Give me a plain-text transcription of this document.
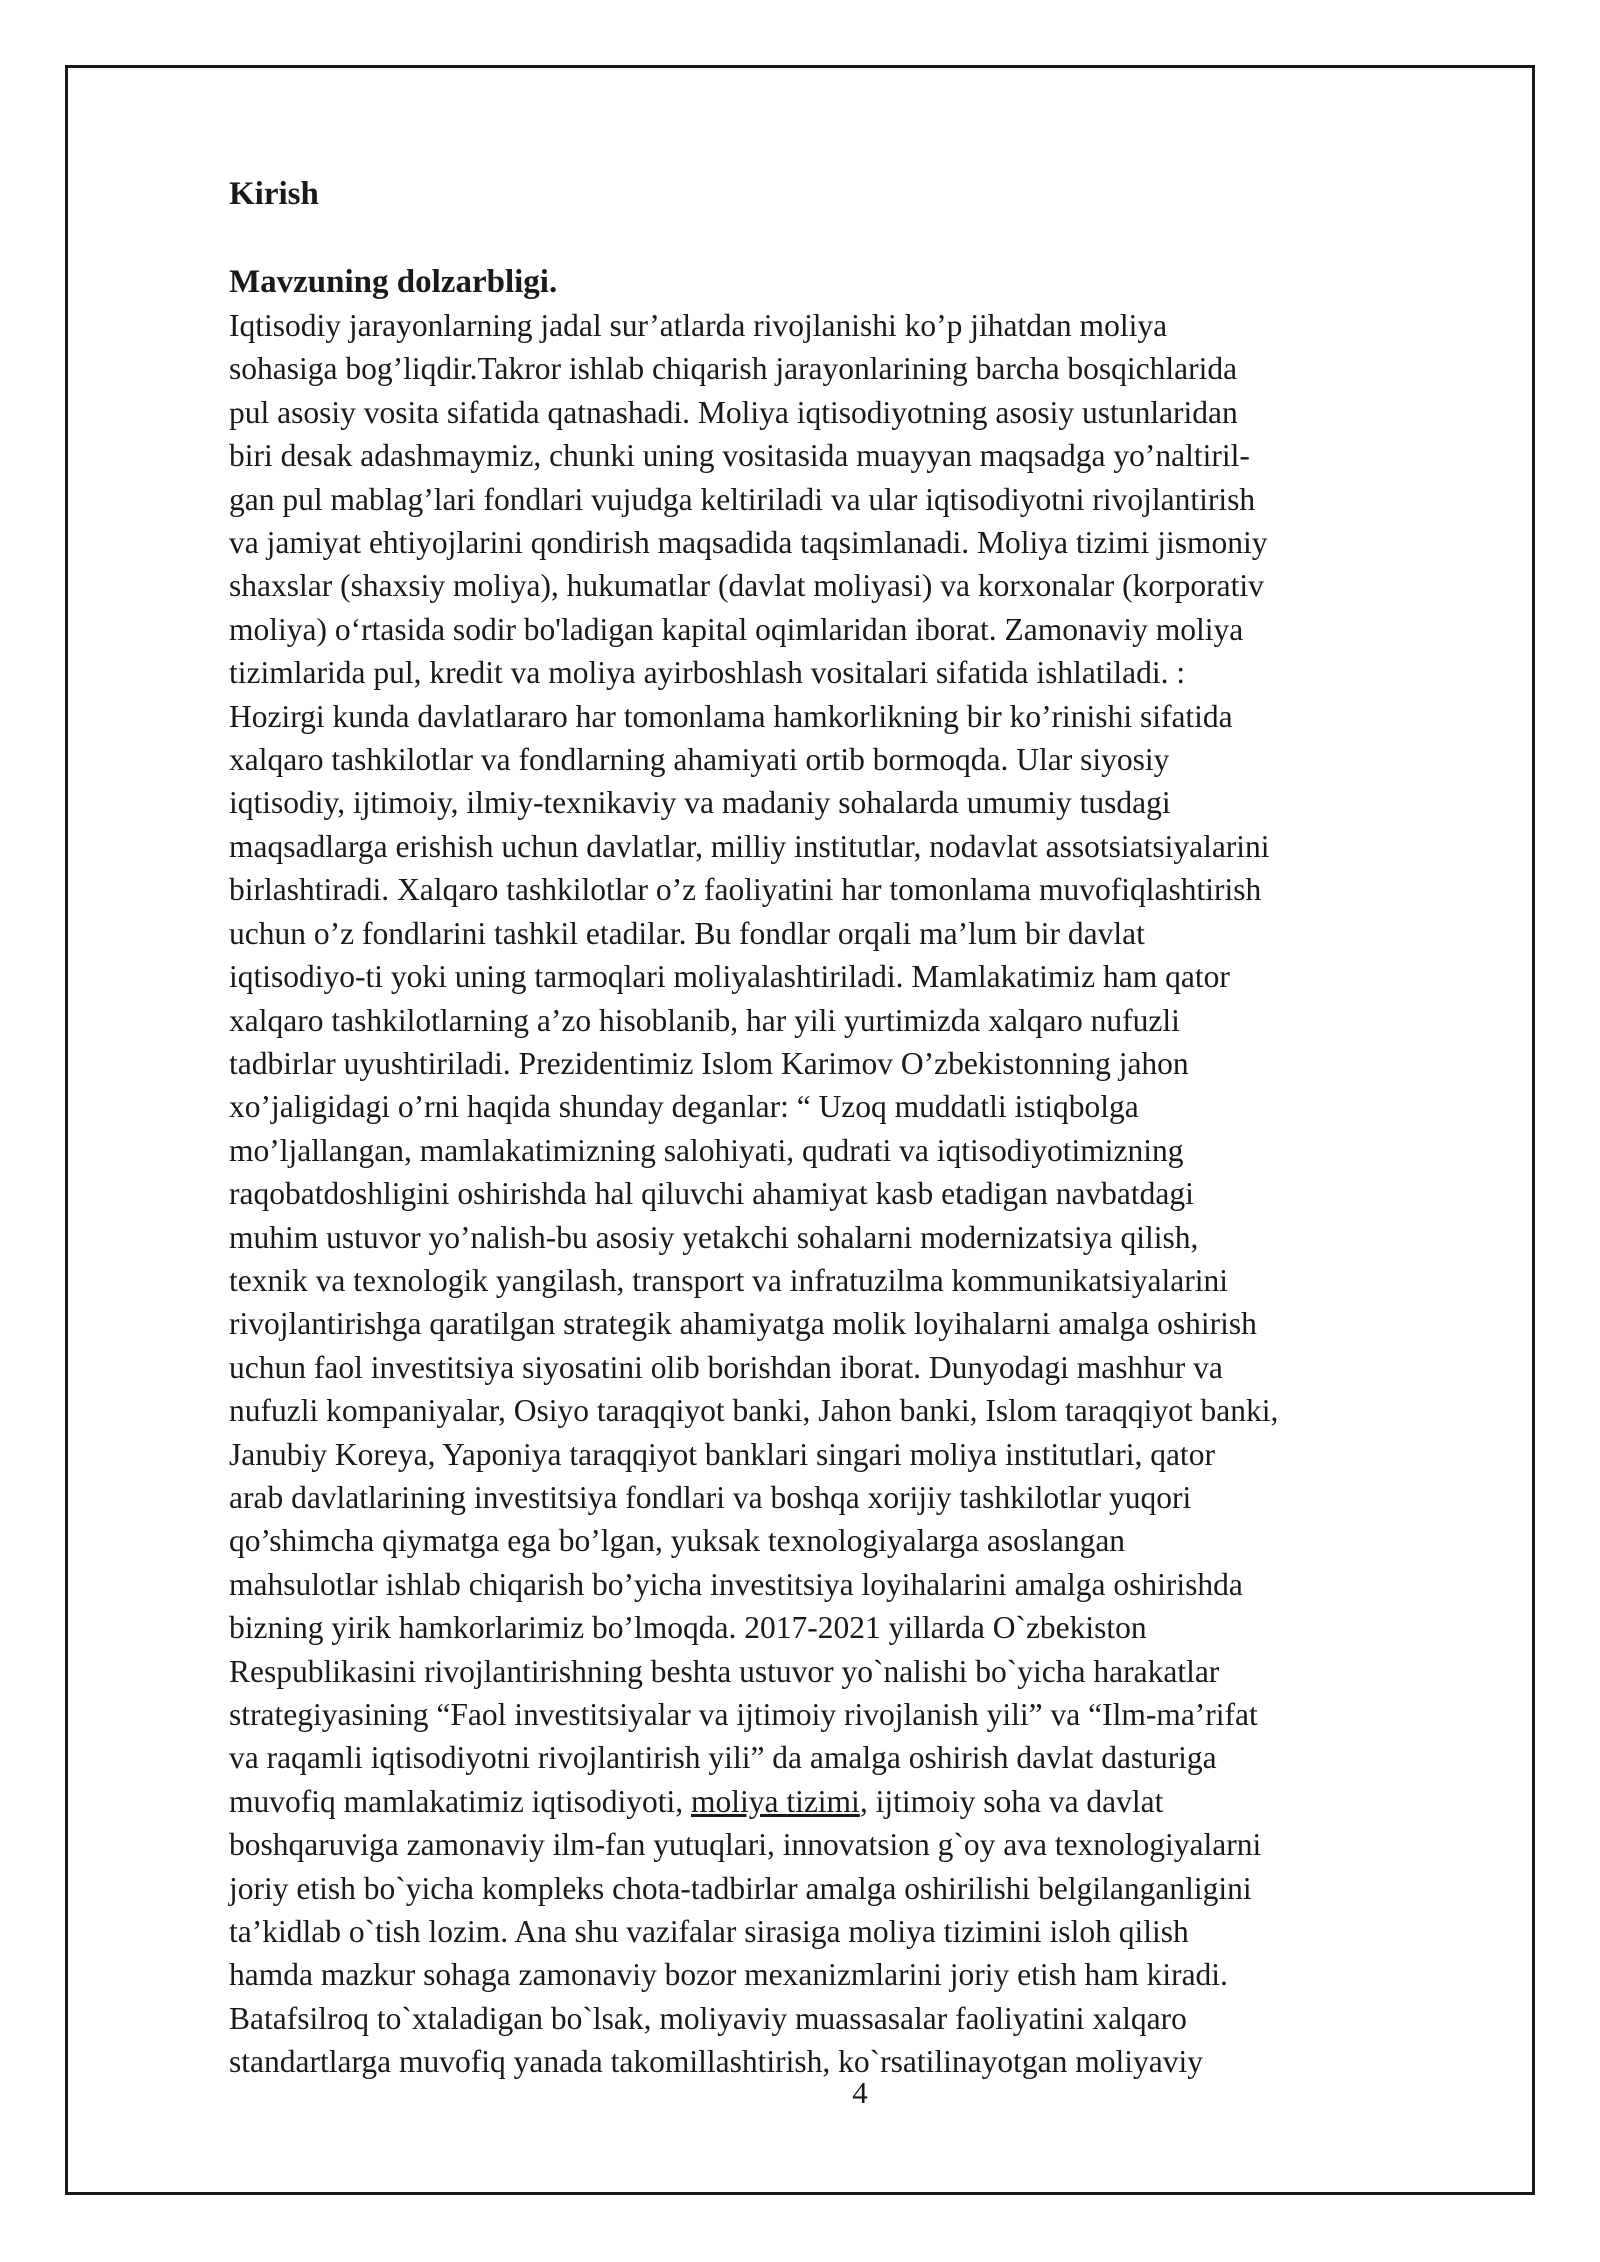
Kirish

Mavzuning dolzarbligi.

Iqtisodiy jarayonlarning jadal sur’atlarda rivojlanishi ko’p jihatdan moliya
sohasiga bog’liqdir.Takror ishlab chiqarish jarayonlarining barcha bosqichlarida
pul asosiy vosita sifatida qatnashadi. Moliya iqtisodiyotning asosiy ustunlaridan
biri desak adashmaymiz, chunki uning vositasida muayyan maqsadga yo’naltiril-
gan pul mablag’lari fondlari vujudga keltiriladi va ular iqtisodiyotni rivojlantirish
va jamiyat ehtiyojlarini qondirish maqsadida taqsimlanadi. Moliya tizimi jismoniy
shaxslar (shaxsiy moliya), hukumatlar (davlat moliyasi) va korxonalar (korporativ
moliya) o‘rtasida sodir bo'ladigan kapital oqimlaridan iborat. Zamonaviy moliya
tizimlarida pul, kredit va moliya ayirboshlash vositalari sifatida ishlatiladi. :
Hozirgi kunda davlatlararo har tomonlama hamkorlikning bir ko’rinishi sifatida
xalqaro tashkilotlar va fondlarning ahamiyati ortib bormoqda. Ular siyosiy
iqtisodiy, ijtimoiy, ilmiy-texnikaviy va madaniy sohalarda umumiy tusdagi
maqsadlarga erishish uchun davlatlar, milliy institutlar, nodavlat assotsiatsiyalarini
birlashtiradi. Xalqaro tashkilotlar o’z faoliyatini har tomonlama muvofiqlashtirish
uchun o’z fondlarini tashkil etadilar. Bu fondlar orqali ma’lum bir davlat
iqtisodiyo-ti yoki uning tarmoqlari moliyalashtiriladi. Mamlakatimiz ham qator
xalqaro tashkilotlarning a’zo hisoblanib, har yili yurtimizda xalqaro nufuzli
tadbirlar uyushtiriladi. Prezidentimiz Islom Karimov O’zbekistonning jahon
xo’jaligidagi o’rni haqida shunday deganlar: “ Uzoq muddatli istiqbolga
mo’ljallangan, mamlakatimizning salohiyati, qudrati va iqtisodiyotimizning
raqobatdoshligini oshirishda hal qiluvchi ahamiyat kasb etadigan navbatdagi
muhim ustuvor yo’nalish-bu asosiy yetakchi sohalarni modernizatsiya qilish,
texnik va texnologik yangilash, transport va infratuzilma kommunikatsiyalarini
rivojlantirishga qaratilgan strategik ahamiyatga molik loyihalarni amalga oshirish
uchun faol investitsiya siyosatini olib borishdan iborat. Dunyodagi mashhur va
nufuzli kompaniyalar, Osiyo taraqqiyot banki, Jahon banki, Islom taraqqiyot banki,
Janubiy Koreya, Yaponiya taraqqiyot banklari singari moliya institutlari, qator
arab davlatlarining investitsiya fondlari va boshqa xorijiy tashkilotlar yuqori
qo’shimcha qiymatga ega bo’lgan, yuksak texnologiyalarga asoslangan
mahsulotlar ishlab chiqarish bo’yicha investitsiya loyihalarini amalga oshirishda
bizning yirik hamkorlarimiz bo’lmoqda. 2017-2021 yillarda O`zbekiston
Respublikasini rivojlantirishning beshta ustuvor yo`nalishi bo`yicha harakatlar
strategiyasining “Faol investitsiyalar va ijtimoiy rivojlanish yili” va “Ilm-ma’rifat
va raqamli iqtisodiyotni rivojlantirish yili” da amalga oshirish davlat dasturiga
muvofiq mamlakatimiz iqtisodiyoti, moliya tizimi, ijtimoiy soha va davlat
boshqaruviga zamonaviy ilm-fan yutuqlari, innovatsion g`oy ava texnologiyalarni
joriy etish bo`yicha kompleks chota-tadbirlar amalga oshirilishi belgilanganligini
ta’kidlab o`tish lozim. Ana shu vazifalar sirasiga moliya tizimini isloh qilish
hamda mazkur sohaga zamonaviy bozor mexanizmlarini joriy etish ham kiradi.
Batafsilroq to`xtaladigan bo`lsak, moliyaviy muassasalar faoliyatini xalqaro
standartlarga muvofiq yanada takomillashtirish, ko`rsatilinayotgan moliyaviy
4
